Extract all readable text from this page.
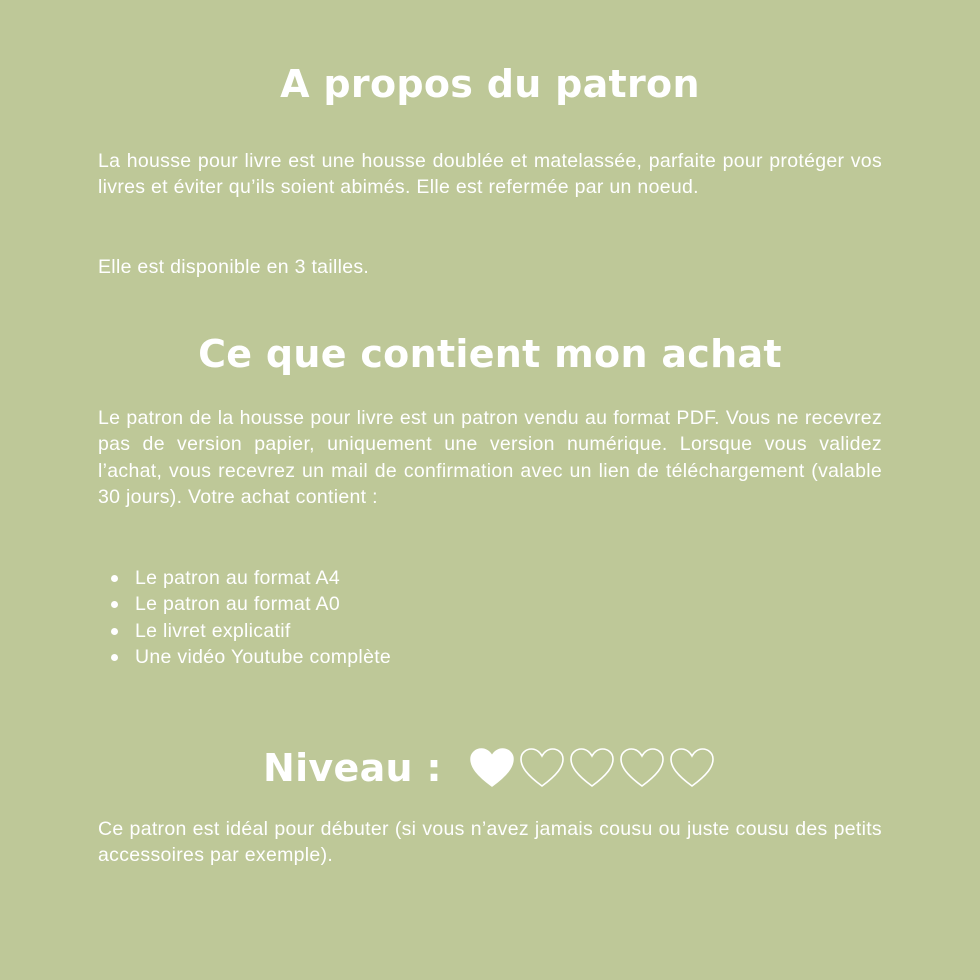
A propos du patron

La housse pour livre est une housse doublée et matelassée, parfaite pour protéger vos livres et éviter qu’ils soient abimés. Elle est refermée par un noeud.

Elle est disponible en 3 tailles.

Ce que contient mon achat

Le patron de la housse pour livre est un patron vendu au format PDF. Vous ne recevrez pas de version papier, uniquement une version numérique. Lorsque vous validez l’achat, vous recevrez un mail de confirmation avec un lien de téléchargement (valable 30 jours). Votre achat contient :

Le patron au format A4
Le patron au format A0
Le livret explicatif
Une vidéo Youtube complète
Niveau :

Ce patron est idéal pour débuter (si vous n’avez jamais cousu ou juste cousu des petits accessoires par exemple).
